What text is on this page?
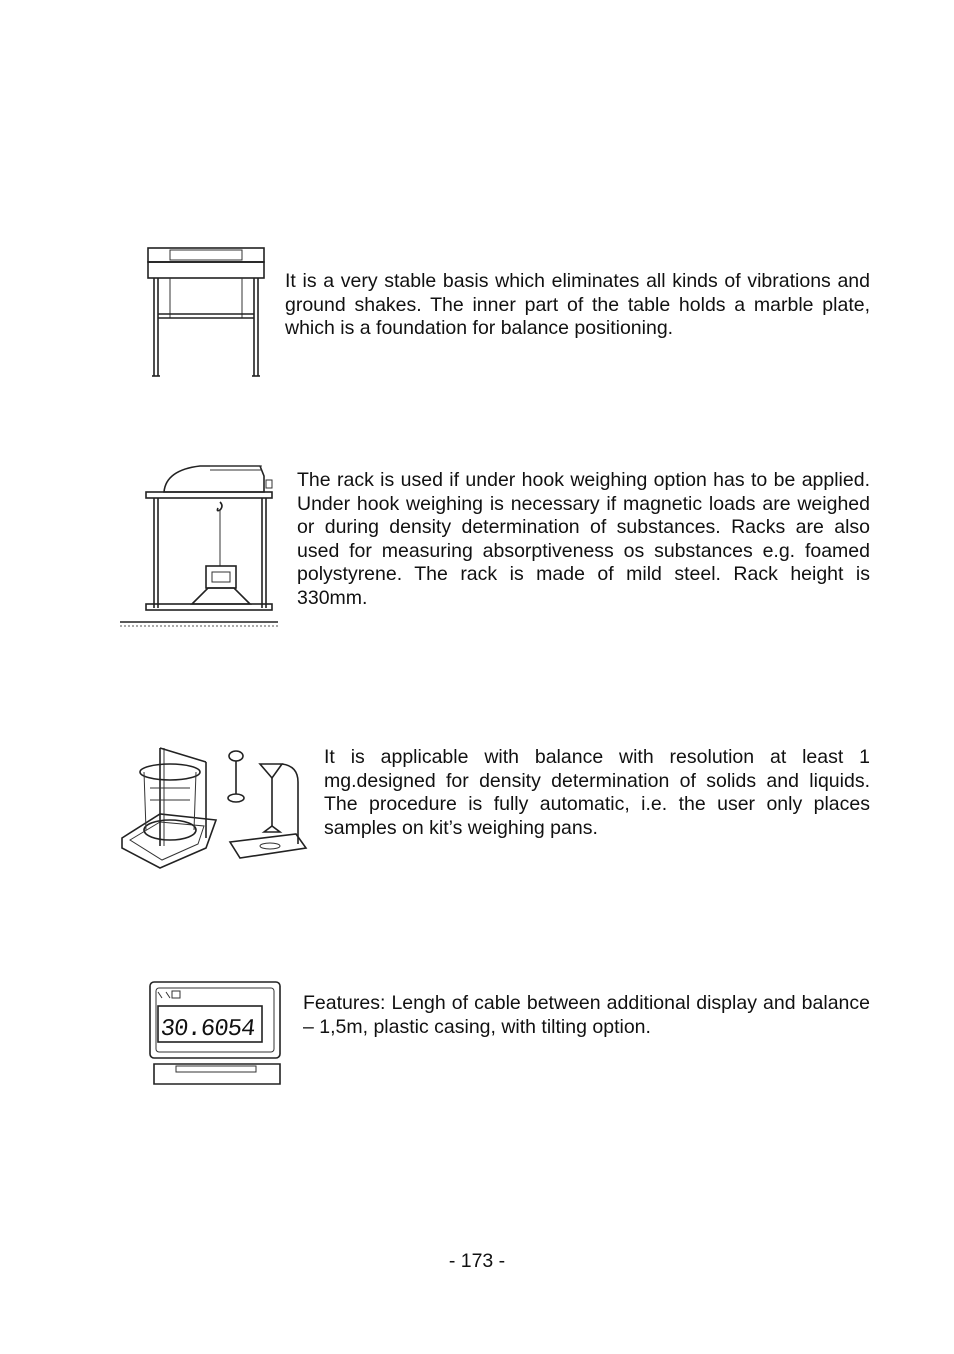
It is a very stable basis which eliminates all kinds of vibrations and ground shakes. The inner part of the table holds a marble plate, which is a foundation for balance positioning.
The rack is used if under hook weighing option has to be applied. Under hook weighing is necessary if magnetic loads are weighed or during density determination of substances. Racks are also used for measuring absorptiveness os substances e.g. foamed polystyrene. The rack is made of mild steel. Rack height is 330mm.
It is applicable with balance with resolution at least 1 mg.designed for density determination of solids and liquids. The procedure is fully automatic, i.e. the user only places samples on kit’s weighing pans.
30.6054
Features: Lengh of cable between additional display and balance – 1,5m, plastic casing, with tilting option.
- 173 -
